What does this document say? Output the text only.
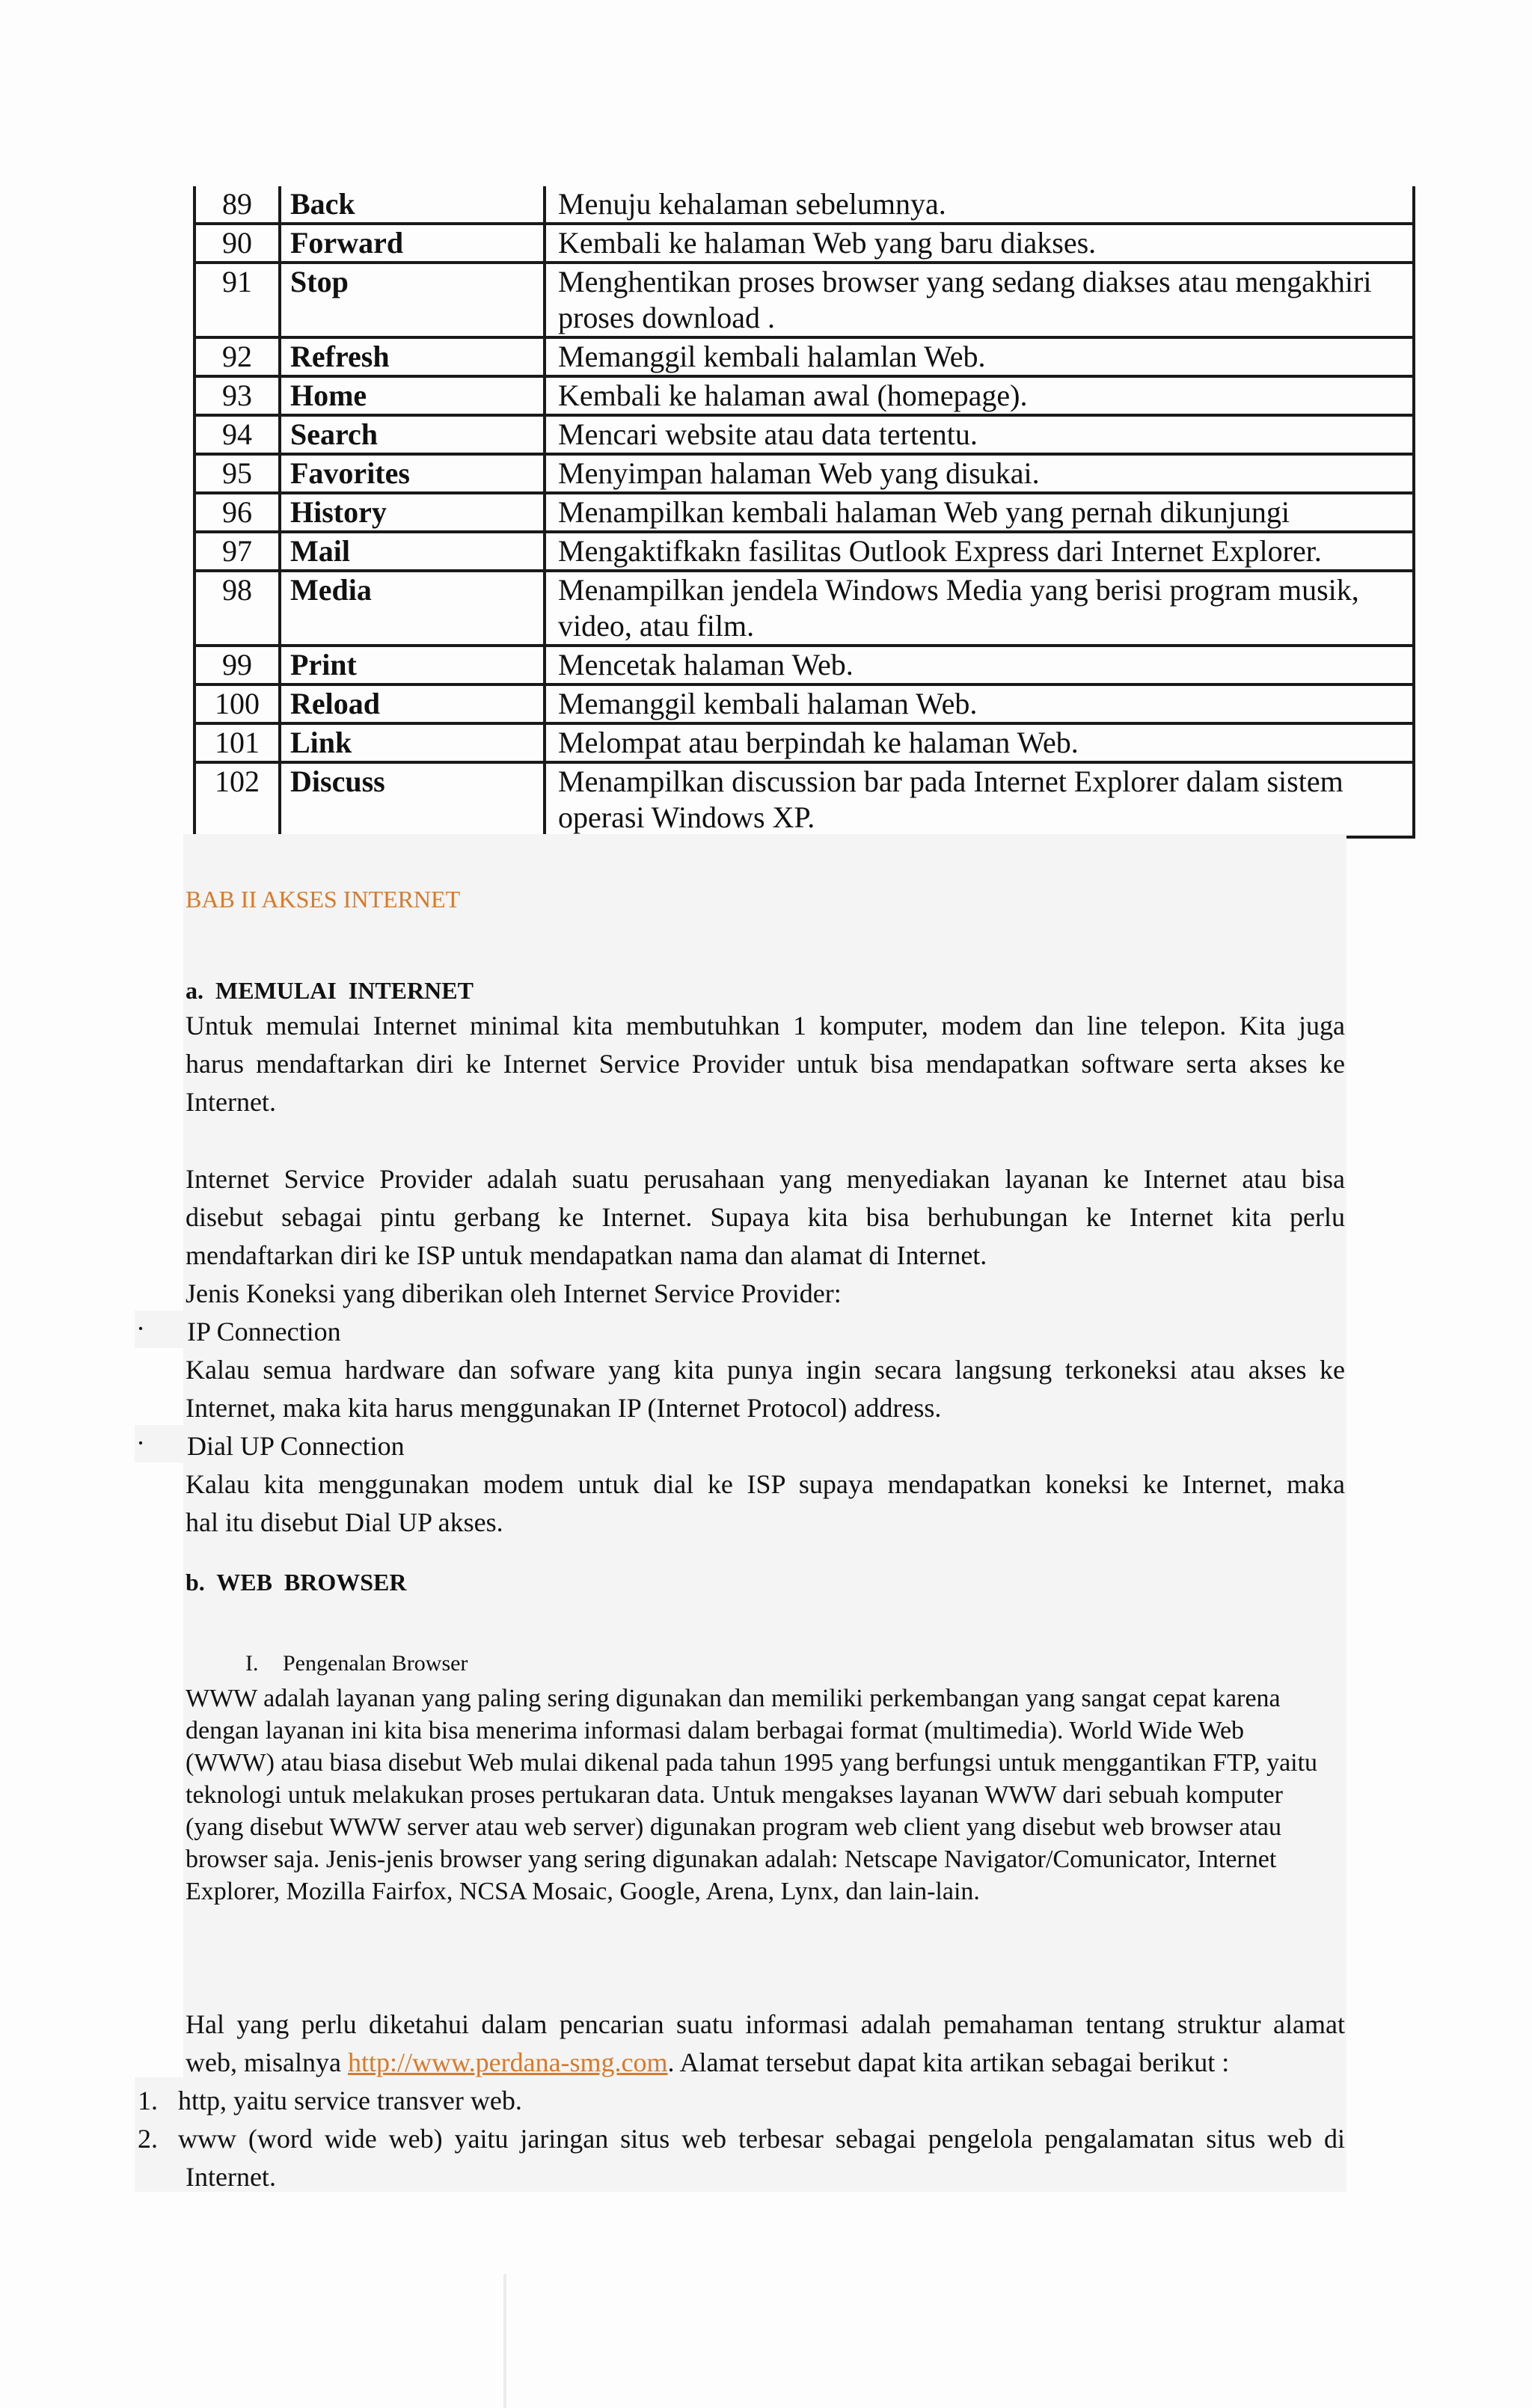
89	Back	Menuju kehalaman sebelumnya.
90	Forward	Kembali ke halaman Web yang baru diakses.
91	Stop	Menghentikan proses browser yang sedang diakses atau mengakhiri proses download .
92	Refresh	Memanggil kembali halamlan Web.
93	Home	Kembali ke halaman awal (homepage).
94	Search	Mencari website atau data tertentu.
95	Favorites	Menyimpan halaman Web yang disukai.
96	History	Menampilkan kembali halaman Web yang pernah dikunjungi
97	Mail	Mengaktifkakn fasilitas Outlook Express dari Internet Explorer.
98	Media	Menampilkan jendela Windows Media yang berisi program musik, video, atau film.
99	Print	Mencetak halaman Web.
100	Reload	Memanggil kembali halaman Web.
101	Link	Melompat atau berpindah ke halaman Web.
102	Discuss	Menampilkan discussion bar pada Internet Explorer dalam sistem operasi Windows XP.
BAB II AKSES INTERNET
a.  MEMULAI  INTERNET
Untuk memulai Internet minimal kita membutuhkan 1 komputer, modem dan line telepon. Kita juga
harus mendaftarkan diri ke Internet Service Provider untuk bisa mendapatkan software serta akses ke
Internet.
Internet Service Provider adalah suatu perusahaan yang menyediakan layanan ke Internet atau bisa
disebut sebagai pintu gerbang ke Internet. Supaya kita bisa berhubungan ke Internet kita perlu
mendaftarkan diri ke ISP untuk mendapatkan nama dan alamat di Internet.
Jenis Koneksi yang diberikan oleh Internet Service Provider:
· IP Connection
Kalau semua hardware dan sofware yang kita punya ingin secara langsung terkoneksi atau akses ke
Internet, maka kita harus menggunakan IP (Internet Protocol) address.
· Dial UP Connection
Kalau kita menggunakan modem untuk dial ke ISP supaya mendapatkan koneksi ke Internet, maka
hal itu disebut Dial UP akses.
b.  WEB  BROWSER
I. Pengenalan Browser
WWW adalah layanan yang paling sering digunakan dan memiliki perkembangan yang sangat cepat karena dengan layanan ini kita bisa menerima informasi dalam berbagai format (multimedia). World Wide Web (WWW) atau biasa disebut Web mulai dikenal pada tahun 1995 yang berfungsi untuk menggantikan FTP, yaitu teknologi untuk melakukan proses pertukaran data. Untuk mengakses layanan WWW dari sebuah komputer (yang disebut WWW server atau web server) digunakan program web client yang disebut web browser atau browser saja. Jenis-jenis browser yang sering digunakan adalah: Netscape Navigator/Comunicator, Internet Explorer, Mozilla Fairfox, NCSA Mosaic, Google, Arena, Lynx, dan lain-lain.
Hal yang perlu diketahui dalam pencarian suatu informasi adalah pemahaman tentang struktur alamat
web, misalnya http://www.perdana-smg.com. Alamat tersebut dapat kita artikan sebagai berikut :
1. http, yaitu service transver web.
2. www (word wide web) yaitu jaringan situs web terbesar sebagai pengelola pengalamatan situs web di
Internet.
